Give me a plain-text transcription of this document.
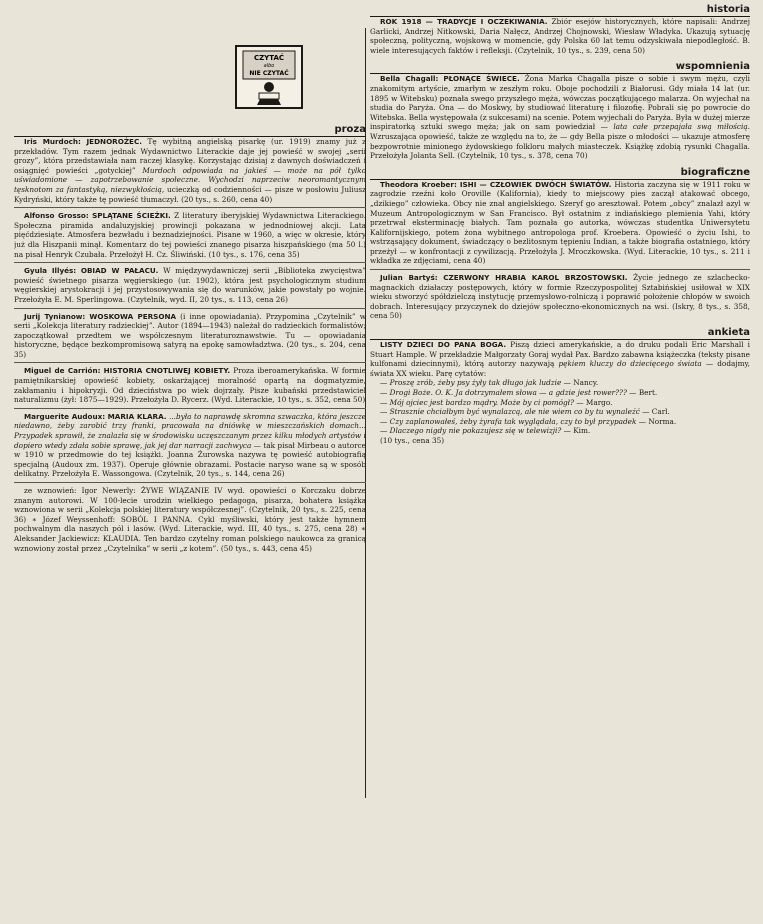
CZYTAĆ
albo
NIE CZYTAĆ

proza

Iris Murdoch: JEDNOROŻEC. Tę wybitną angielską pisarkę (ur. 1919) znamy już z przekładów. Tym razem jednak Wydawnictwo Literackie daje jej powieść w swojej „serii grozy”, która przedstawiała nam raczej klasykę. Korzystając dzisiaj z dawnych doświadczeń i osiągnięć powieści „gotyckiej” Murdoch odpowiada na jakieś — może na pół tylko uświadomione — zapotrzebowanie społeczne. Wychodzi naprzeciw neoromantycznym tęsknotom za fantastyką, niezwykłością, ucieczką od codzienności — pisze w posłowiu Juliusz Kydryński, który także tę powieść tłumaczył. (20 tys., s. 260, cena 40)

Alfonso Grosso: SPLĄTANE ŚCIEŻKI. Z literatury iberyjskiej Wydawnictwa Literackiego. Społeczna piramida andaluzyjskiej prowincji pokazana w jednodniowej akcji. Lata pięćdziesiąte. Atmosfera bezwładu i beznadziejności. Pisane w 1960, a więc w okresie, który już dla Hiszpanii minął. Komentarz do tej powieści znanego pisarza hiszpańskiego (ma 50 l.) na pisał Henryk Czubała. Przełożył H. Cz. Śliwiński. (10 tys., s. 176, cena 35)

Gyula Illyés: OBIAD W PAŁACU. W międzywydawniczej serii „Biblioteka zwycięstwa” powieść świetnego pisarza węgierskiego (ur. 1902), która jest psychologicznym studium węgierskiej arystokracji i jej przystosowywania się do warunków, jakie powstały po wojnie. Przełożyła E. M. Sperlingowa. (Czytelnik, wyd. II, 20 tys., s. 113, cena 26)

Jurij Tynianow: WOSKOWA PERSONA (i inne opowiadania). Przypomina „Czytelnik” w serii „Kolekcja literatury radzieckiej”. Autor (1894—1943) należał do radzieckich formalistów; zapoczątkował przedtem we współczesnym literaturoznawstwie. Tu — opowiadania historyczne, będące bezkompromisową satyrą na epokę samowładztwa. (20 tys., s. 204, cena 35)

Miguel de Carrión: HISTORIA CNOTLIWEJ KOBIETY. Proza iberoamerykańska. W formie pamiętnikarskiej opowieść kobiety, oskarżającej moralność opartą na dogmatyzmie, zakłamaniu i hipokryzji. Od dzieciństwa po wiek dojrzały. Pisze kubański przedstawiciel naturalizmu (żył: 1875—1929). Przełożyła D. Rycerz. (Wyd. Literackie, 10 tys., s. 352, cena 50)

Marguerite Audoux: MARIA KLARA. ...była to naprawdę skromna szwaczka, która jeszcze niedawno, żeby zarobić trzy franki, pracowała na dniówkę w mieszczańskich domach... Przypadek sprawił, że znalazła się w środowisku uczęszczanym przez kilku młodych artystów i dopiero wtedy zdała sobie sprawę, jak jej dar narracji zachwyca — tak pisał Mirbeau o autorce w 1910 w przedmowie do tej książki. Joanna Żurowska nazywa tę powieść autobiografią specjalną (Audoux zm. 1937). Operuje głównie obrazami. Postacie naryso wane są w sposób delikatny. Przełożyła E. Wassongowa. (Czytelnik, 20 tys., s. 144, cena 26)

ze wznowień: Igor Newerly: ŻYWE WIĄZANIE IV wyd. opowieści o Korczaku dobrze znanym autorowi. W 100-lecie urodzin wielkiego pedagoga, pisarza, bohatera książka wznowiona w serii „Kolekcja polskiej literatury współczesnej”. (Czytelnik, 20 tys., s. 225, cena 36) ∗ Józef Weyssenhoff: SOBÓL I PANNA. Cykl myśliwski, który jest także hymnem pochwalnym dla naszych pól i lasów. (Wyd. Literackie, wyd. III, 40 tys., s. 275, cena 28) ∗ Aleksander Jackiewicz: KLAUDIA. Ten bardzo czytelny roman polskiego naukowca za granicą wznowiony został przez „Czytelnika” w serii „z kotem”. (50 tys., s. 443, cena 45)

historia

ROK 1918 — TRADYCJE I OCZEKIWANIA. Zbiór esejów historycznych, które napisali: Andrzej Garlicki, Andrzej Nitkowski, Daria Nałęcz, Andrzej Chojnowski, Wiesław Władyka. Ukazują sytuację społeczną, polityczną, wojskową w momencie, gdy Polska 60 lat temu odzyskiwała niepodległość. B. wiele interesujących faktów i refleksji. (Czytelnik, 10 tys., s. 239, cena 50)

wspomnienia

Bella Chagall: PŁONĄCE ŚWIECE. Żona Marka Chagalla pisze o sobie i swym mężu, czyli znakomitym artyście, zmarłym w zeszłym roku. Oboje pochodzili z Białorusi. Gdy miała 14 lat (ur. 1895 w Witebsku) poznała swego przyszłego męża, wówczas początkującego malarza. On wyjechał na studia do Paryża. Ona — do Moskwy, by studiować literaturę i filozofię. Pobrali się po powrocie do Witebska. Bella występowała (z sukcesami) na scenie. Potem wyjechali do Paryża. Była w dużej mierze inspiratorką sztuki swego męża; jak on sam powiedział — lata całe przepajała swą miłością. Wzruszająca opowieść, także ze względu na to, że — gdy Bella pisze o młodości — ukazuje atmosferę bezpowrotnie minionego żydowskiego folkloru małych miasteczek. Książkę zdobią rysunki Chagalla. Przełożyła Jolanta Sell. (Czytelnik, 10 tys., s. 378, cena 70)

biograficzne

Theodora Kroeber: ISHI — CZŁOWIEK DWÓCH ŚWIATÓW. Historia zaczyna się w 1911 roku w zagrodzie rzeźni koło Oroville (Kalifornia), kiedy to miejscowy pies zaczął atakować obcego, „dzikiego” człowieka. Obcy nie znał angielskiego. Szeryf go aresztował. Potem „obcy” znalazł azyl w Muzeum Antropologicznym w San Francisco. Był ostatnim z indiańskiego plemienia Yahi, który przetrwał eksterminację białych. Tam poznała go autorka, wówczas studentka Uniwersytetu Kalifornijskiego, potem żona wybitnego antropologa prof. Kroebera. Opowieść o życiu Ishi, to wstrząsający dokument, świadczący o bezlitosnym tępieniu Indian, a także biografia ostatniego, który przeżył — w konfrontacji z cywilizacją. Przełożyła J. Mroczkowska. (Wyd. Literackie, 10 tys., s. 211 i wkładka ze zdjęciami, cena 40)

Julian Bartyś: CZERWONY HRABIA KAROL BRZOSTOWSKI. Życie jednego ze szlachecko-magnackich działaczy postępowych, który w formie Rzeczypospolitej Sztabińskiej usiłował w XIX wieku stworzyć spółdzielczą instytucję przemysłowo-rolniczą i poprawić położenie chłopów w swoich dobrach. Interesujący przyczynek do dziejów społeczno-ekonomicznych na wsi. (Iskry, 8 tys., s. 358, cena 50)

ankieta

LISTY DZIECI DO PANA BOGA. Piszą dzieci amerykańskie, a do druku podali Eric Marshall i Stuart Hample. W przekładzie Małgorzaty Goraj wydał Pax. Bardzo zabawna książeczka (teksty pisane kulfonami dziecinnymi), którą autorzy nazywają pękiem kluczy do dziecięcego świata — dodajmy, świata XX wieku. Parę cytatów:

— Proszę zrób, żeby psy żyły tak długo jak ludzie — Nancy.

— Drogi Boże. O. K. Ja dotrzymałem słowa — a gdzie jest rower??? — Bert.

— Mój ojciec jest bardzo mądry. Może by ci pomógł? — Margo.

— Strasznie chciałbym być wynalazcą, ale nie wiem co by tu wynaleźć — Carl.

— Czy zaplanowałeś, żeby żyrafa tak wyglądała, czy to był przypadek — Norma.

— Dlaczego nigdy nie pokazujesz się w telewizji? — Kim.

(10 tys., cena 35)
